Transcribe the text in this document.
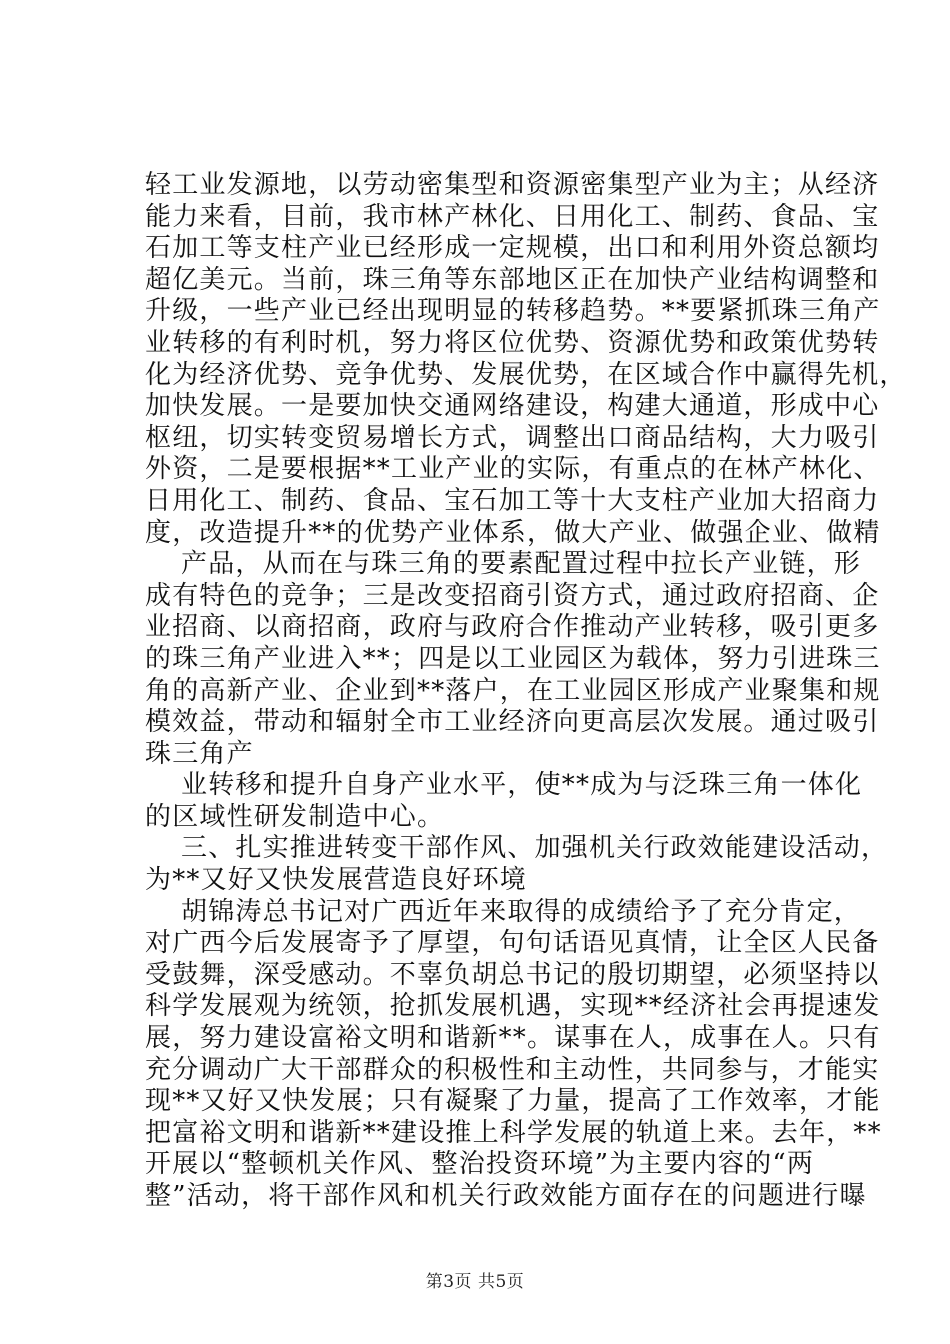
轻工业发源地，以劳动密集型和资源密集型产业为主；从经济
能力来看，目前，我市林产林化、日用化工、制药、食品、宝
石加工等支柱产业已经形成一定规模，出口和利用外资总额均
超亿美元。当前，珠三角等东部地区正在加快产业结构调整和
升级，一些产业已经出现明显的转移趋势。**要紧抓珠三角产
业转移的有利时机，努力将区位优势、资源优势和政策优势转
化为经济优势、竞争优势、发展优势，在区域合作中赢得先机，
加快发展。一是要加快交通网络建设，构建大通道，形成中心
枢纽，切实转变贸易增长方式，调整出口商品结构，大力吸引
外资，二是要根据**工业产业的实际，有重点的在林产林化、
日用化工、制药、食品、宝石加工等十大支柱产业加大招商力
度，改造提升**的优势产业体系，做大产业、做强企业、做精
产品，从而在与珠三角的要素配置过程中拉长产业链，形
成有特色的竞争；三是改变招商引资方式，通过政府招商、企
业招商、以商招商，政府与政府合作推动产业转移，吸引更多
的珠三角产业进入**；四是以工业园区为载体，努力引进珠三
角的高新产业、企业到**落户，在工业园区形成产业聚集和规
模效益，带动和辐射全市工业经济向更高层次发展。通过吸引
珠三角产
业转移和提升自身产业水平，使**成为与泛珠三角一体化
的区域性研发制造中心。
三、扎实推进转变干部作风、加强机关行政效能建设活动，
为**又好又快发展营造良好环境
胡锦涛总书记对广西近年来取得的成绩给予了充分肯定，
对广西今后发展寄予了厚望，句句话语见真情，让全区人民备
受鼓舞，深受感动。不辜负胡总书记的殷切期望，必须坚持以
科学发展观为统领，抢抓发展机遇，实现**经济社会再提速发
展，努力建设富裕文明和谐新**。谋事在人，成事在人。只有
充分调动广大干部群众的积极性和主动性，共同参与，才能实
现**又好又快发展；只有凝聚了力量，提高了工作效率，才能
把富裕文明和谐新**建设推上科学发展的轨道上来。去年，**
开展以“整顿机关作风、整治投资环境”为主要内容的“两
整”活动，将干部作风和机关行政效能方面存在的问题进行曝
第3页 共5页
